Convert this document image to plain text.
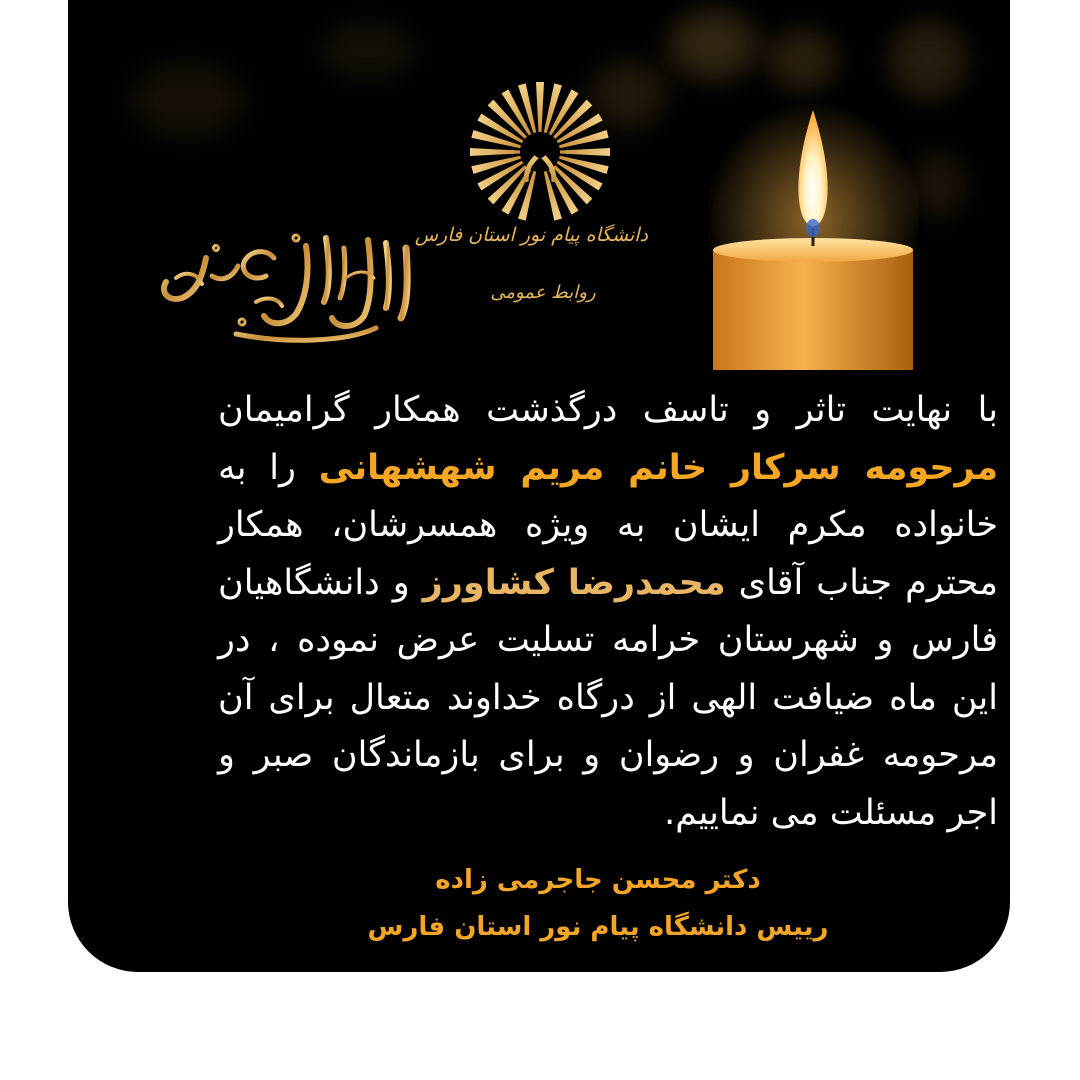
دانشگاه پیام نور استان فارس
روابط عمومی
با نهایت تاثر و تاسف درگذشت همکار گرامیمان مرحومه سرکار خانم مریم شهشهانی را به خانواده مکرم ایشان به ویژه همسرشان، همکار محترم جناب آقای محمدرضا کشاورز و دانشگاهیان فارس و شهرستان خرامه تسلیت عرض نموده ، در این ماه ضیافت الهی از درگاه خداوند متعال برای آن مرحومه غفران و رضوان و برای بازماندگان صبر و اجر مسئلت می نماییم.
دکتر محسن جاجرمی زاده
رییس دانشگاه پیام نور استان فارس
